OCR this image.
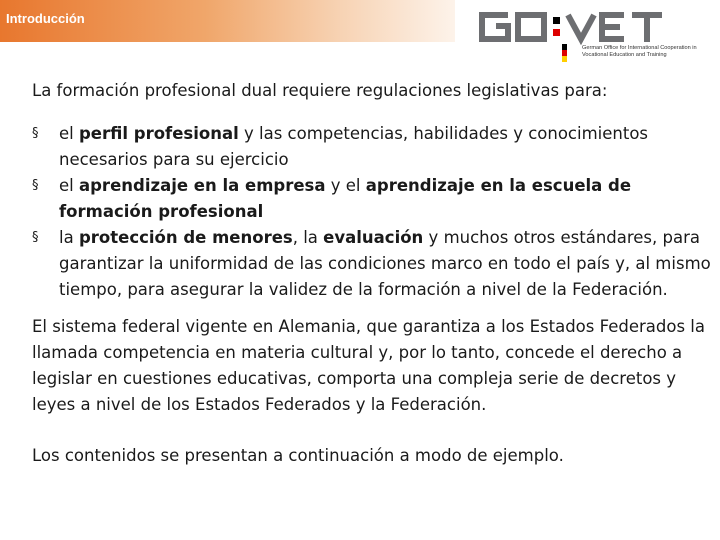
Introducción
German Office for International Cooperation in Vocational Education and Training

La formación profesional dual requiere regulaciones legislativas para:

§ el perfil profesional y las competencias, habilidades y conocimientos necesarios para su ejercicio
§ el aprendizaje en la empresa y el aprendizaje en la escuela de formación profesional
§ la protección de menores, la evaluación y muchos otros estándares, para garantizar la uniformidad de las condiciones marco en todo el país y, al mismo tiempo, para asegurar la validez de la formación a nivel de la Federación.

El sistema federal vigente en Alemania, que garantiza a los Estados Federados la llamada competencia en materia cultural y, por lo tanto, concede el derecho a legislar en cuestiones educativas, comporta una compleja serie de decretos y leyes a nivel de los Estados Federados y la Federación.

Los contenidos se presentan a continuación a modo de ejemplo.
